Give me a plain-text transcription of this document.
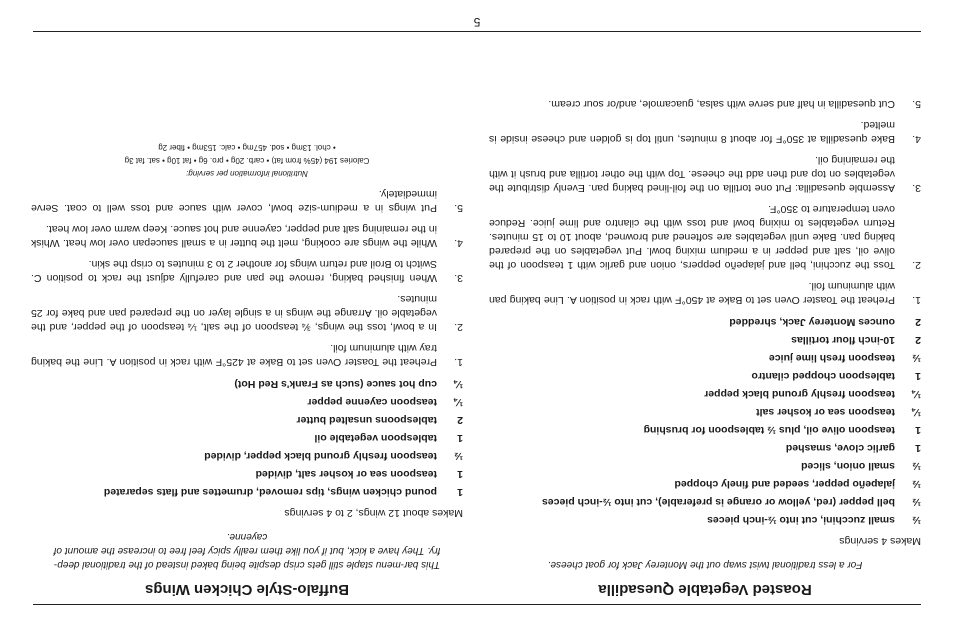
Roasted Vegetable Quesadilla
For a less traditional twist swap out the Monterey Jack for goat cheese.
Makes 4 servings
½
small zucchini, cut into ½-inch pieces
½
bell pepper (red, yellow or orange is preferable), cut into ½-inch pieces
½
jalapeño pepper, seeded and finely chopped
½
small onion, sliced
1
garlic clove, smashed
1
teaspoon olive oil, plus ½ tablespoon for brushing
¼
teaspoon sea or kosher salt
¼
teaspoon freshly ground black pepper
1
tablespoon chopped cilantro
½
teaspoon fresh lime juice
2
10-inch flour tortillas
2
ounces Monterey Jack, shredded
1.
Preheat the Toaster Oven set to Bake at 450°F with rack in position A. Line baking pan with aluminum foil.
2.
Toss the zucchini, bell and jalapeño peppers, onion and garlic with 1 teaspoon of the olive oil, salt and pepper in a medium mixing bowl. Put vegetables on the prepared baking pan. Bake until vegetables are softened and browned, about 10 to 15 minutes. Return vegetables to mixing bowl and toss with the cilantro and lime juice. Reduce oven temperature to 350°F.
3.
Assemble quesadilla: Put one tortilla on the foil-lined baking pan. Evenly distribute the vegetables on top and then add the cheese. Top with the other tortilla and brush it with the remaining oil.
4.
Bake quesadilla at 350°F for about 8 minutes, until top is golden and cheese inside is melted.
5.
Cut quesadilla in half and serve with salsa, guacamole, and/or sour cream.
Buffalo-Style Chicken Wings
This bar-menu staple still gets crisp despite being baked instead of the traditional deep-fry. They have a kick, but if you like them really spicy feel free to increase the amount of cayenne.
Makes about 12 wings, 2 to 4 servings
1
pound chicken wings, tips removed, drumettes and flats separated
1
teaspoon sea or kosher salt, divided
½
teaspoon freshly ground black pepper, divided
1
tablespoon vegetable oil
2
tablespoons unsalted butter
¼
teaspoon cayenne pepper
¼
cup hot sauce (such as Frank's Red Hot)
1.
Preheat the Toaster Oven set to Bake at 425°F with rack in position A. Line the baking tray with aluminum foil.
2.
In a bowl, toss the wings, ¾ teaspoon of the salt, ¼ teaspoon of the pepper, and the vegetable oil. Arrange the wings in a single layer on the prepared pan and bake for 25 minutes.
3.
When finished baking, remove the pan and carefully adjust the rack to position C. Switch to Broil and return wings for another 2 to 3 minutes to crisp the skin.
4.
While the wings are cooking, melt the butter in a small saucepan over low heat. Whisk in the remaining salt and pepper, cayenne and hot sauce. Keep warm over low heat.
5.
Put wings in a medium-size bowl, cover with sauce and toss well to coat. Serve immediately.
Nutritional information per serving:
Calories 194 (45% from fat) • carb. 20g • pro. 6g • fat 10g • sat. fat 3g
• chol. 13mg • sod. 457mg • calc. 153mg • fiber 2g
5
